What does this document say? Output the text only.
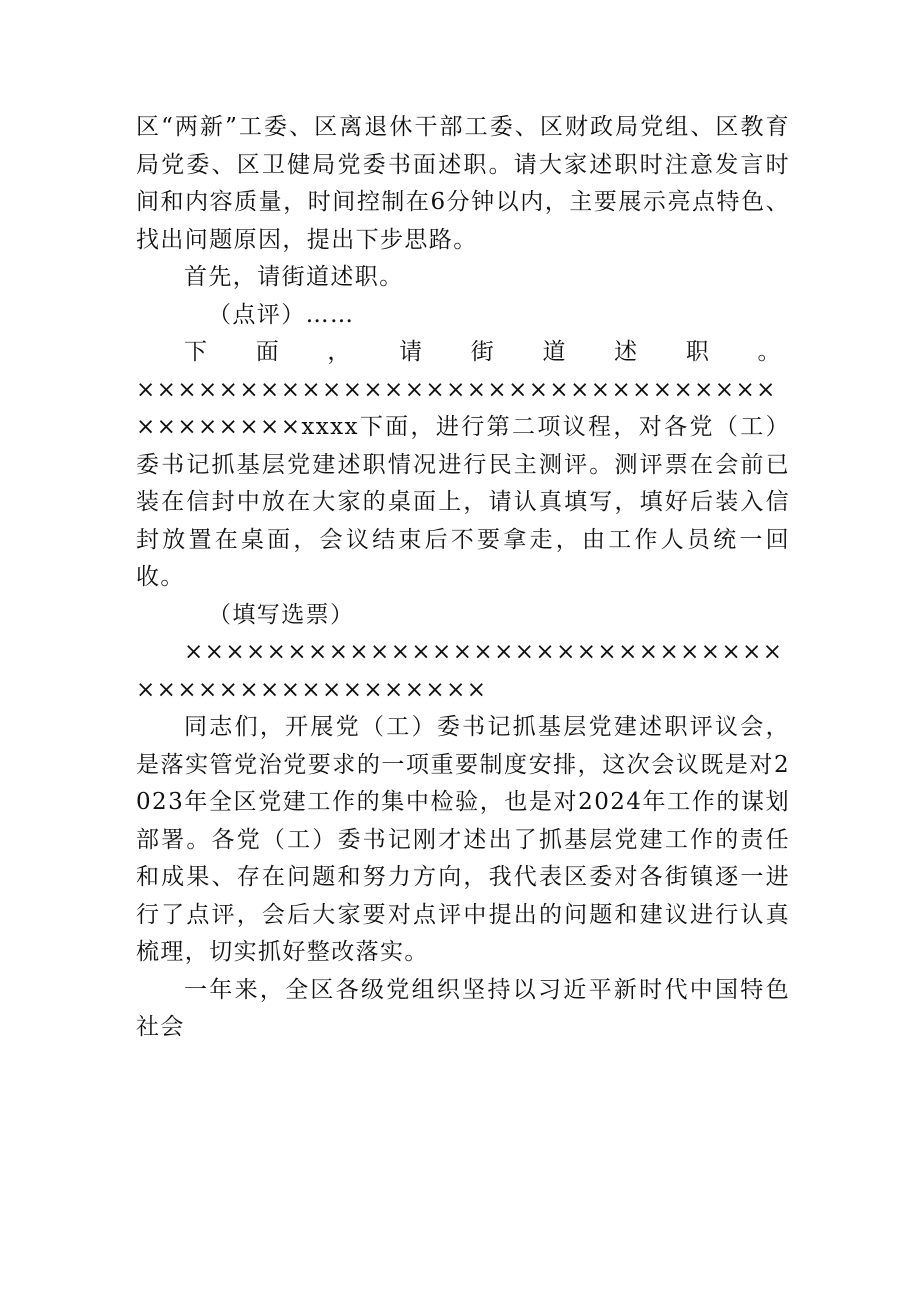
区“两新”工委、区离退休干部工委、区财政局党组、区教育局党委、区卫健局党委书面述职。请大家述职时注意发言时间和内容质量，时间控制在6分钟以内，主要展示亮点特色、找出问题原因，提出下步思路。

首先，请街道述职。

（点评）……

下 面 ， 请 街 道 述 职 。

×××××××××××××××××××××××××××××××××××××××xxxx下面，进行第二项议程，对各党（工）委书记抓基层党建述职情况进行民主测评。测评票在会前已装在信封中放在大家的桌面上，请认真填写，填好后装入信封放置在桌面，会议结束后不要拿走，由工作人员统一回收。

（填写选票）

××××××××××××××××××××××××××××××××××××××××××××××

同志们，开展党（工）委书记抓基层党建述职评议会，是落实管党治党要求的一项重要制度安排，这次会议既是对2023年全区党建工作的集中检验，也是对2024年工作的谋划部署。各党（工）委书记刚才述出了抓基层党建工作的责任和成果、存在问题和努力方向，我代表区委对各街镇逐一进行了点评，会后大家要对点评中提出的问题和建议进行认真梳理，切实抓好整改落实。

一年来，全区各级党组织坚持以习近平新时代中国特色社会
